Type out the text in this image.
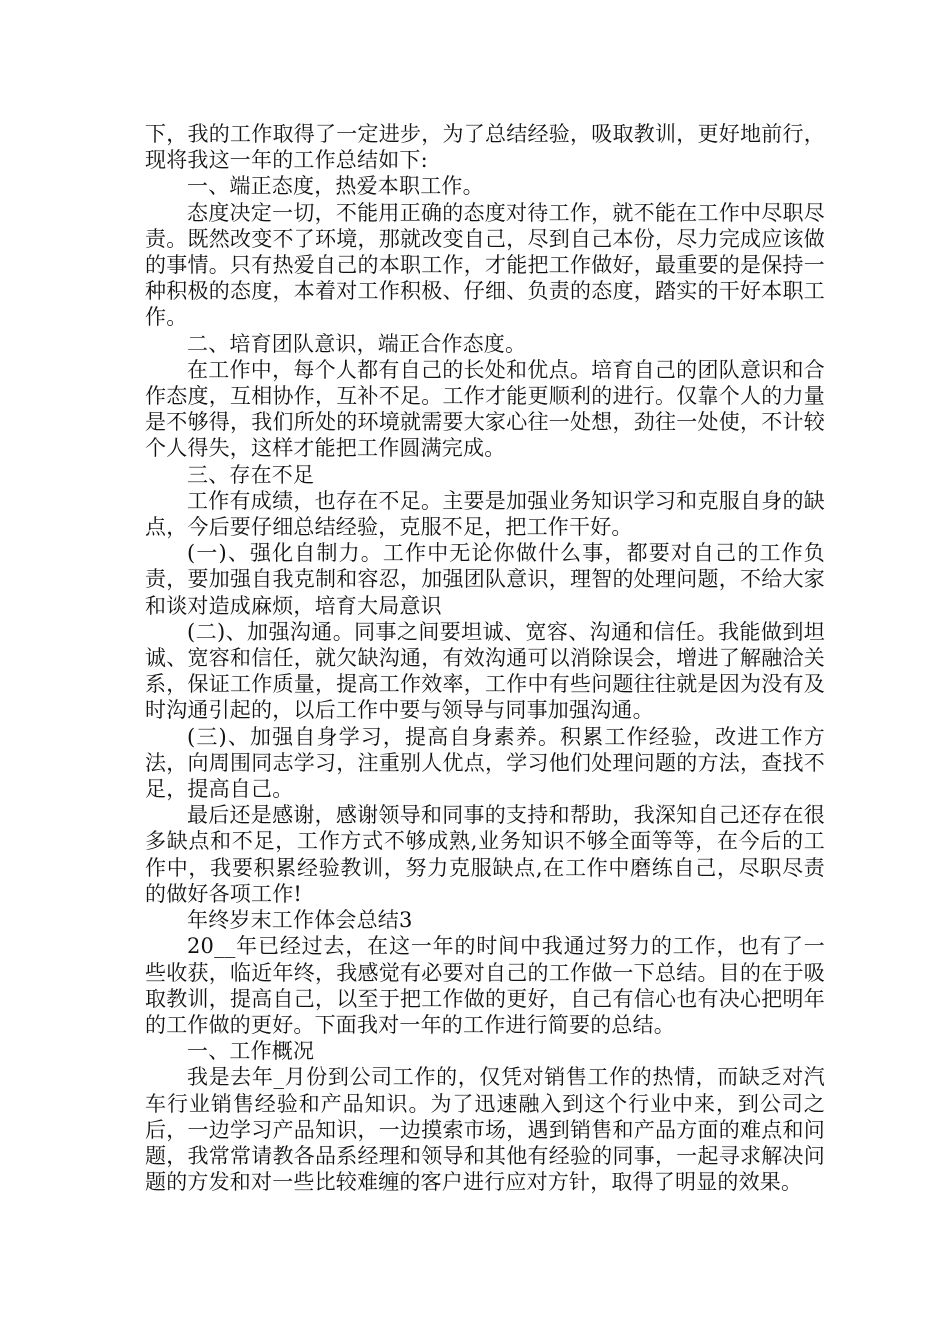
下，我的工作取得了一定进步，为了总结经验，吸取教训，更好地前行，现将我这一年的工作总结如下:

一、端正态度，热爱本职工作。

态度决定一切，不能用正确的态度对待工作，就不能在工作中尽职尽责。既然改变不了环境，那就改变自己，尽到自己本份，尽力完成应该做的事情。只有热爱自己的本职工作，才能把工作做好，最重要的是保持一种积极的态度，本着对工作积极、仔细、负责的态度，踏实的干好本职工作。

二、培育团队意识，端正合作态度。

在工作中，每个人都有自己的长处和优点。培育自己的团队意识和合作态度，互相协作，互补不足。工作才能更顺利的进行。仅靠个人的力量是不够得，我们所处的环境就需要大家心往一处想，劲往一处使，不计较个人得失，这样才能把工作圆满完成。

三、存在不足

工作有成绩，也存在不足。主要是加强业务知识学习和克服自身的缺点，今后要仔细总结经验，克服不足，把工作干好。

(一)、强化自制力。工作中无论你做什么事，都要对自己的工作负责，要加强自我克制和容忍，加强团队意识，理智的处理问题，不给大家和谈对造成麻烦，培育大局意识

(二)、加强沟通。同事之间要坦诚、宽容、沟通和信任。我能做到坦诚、宽容和信任，就欠缺沟通，有效沟通可以消除误会，增进了解融洽关系，保证工作质量，提高工作效率，工作中有些问题往往就是因为没有及时沟通引起的，以后工作中要与领导与同事加强沟通。

(三)、加强自身学习，提高自身素养。积累工作经验，改进工作方法，向周围同志学习，注重别人优点，学习他们处理问题的方法，查找不足，提高自己。

最后还是感谢，感谢领导和同事的支持和帮助，我深知自己还存在很多缺点和不足，工作方式不够成熟,业务知识不够全面等等，在今后的工作中，我要积累经验教训，努力克服缺点,在工作中磨练自己，尽职尽责的做好各项工作!

年终岁末工作体会总结3

20__年已经过去，在这一年的时间中我通过努力的工作，也有了一些收获，临近年终，我感觉有必要对自己的工作做一下总结。目的在于吸取教训，提高自己，以至于把工作做的更好，自己有信心也有决心把明年的工作做的更好。下面我对一年的工作进行简要的总结。

一、工作概况

我是去年_月份到公司工作的，仅凭对销售工作的热情，而缺乏对汽车行业销售经验和产品知识。为了迅速融入到这个行业中来，到公司之后，一边学习产品知识，一边摸索市场，遇到销售和产品方面的难点和问题，我常常请教各品系经理和领导和其他有经验的同事，一起寻求解决问题的方发和对一些比较难缠的客户进行应对方针，取得了明显的效果。
